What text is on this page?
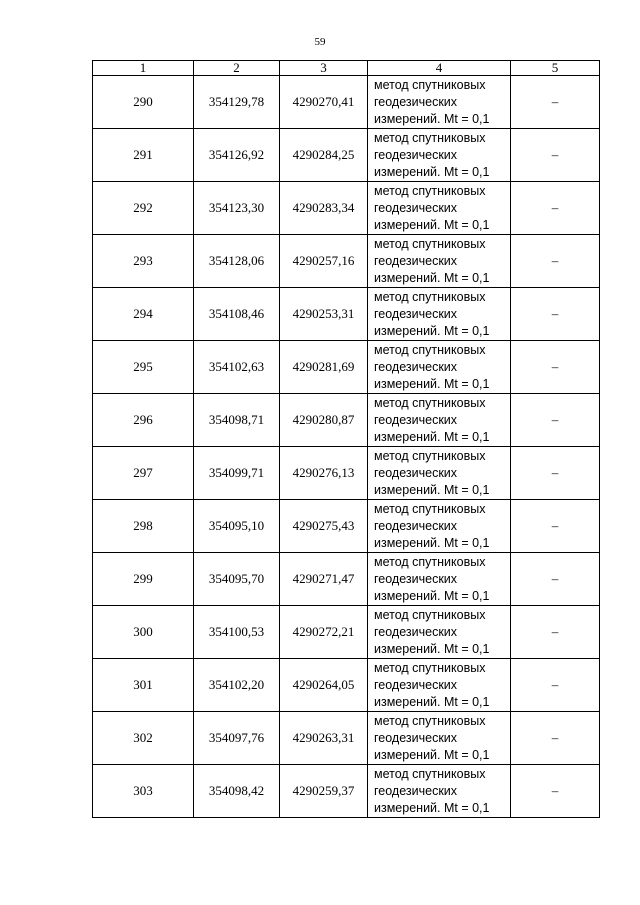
59
1	2	3	4	5
290	354129,78	4290270,41	метод спутниковых
геодезических
измерений. Mt = 0,1	–
291	354126,92	4290284,25	метод спутниковых
геодезических
измерений. Mt = 0,1	–
292	354123,30	4290283,34	метод спутниковых
геодезических
измерений. Mt = 0,1	–
293	354128,06	4290257,16	метод спутниковых
геодезических
измерений. Mt = 0,1	–
294	354108,46	4290253,31	метод спутниковых
геодезических
измерений. Mt = 0,1	–
295	354102,63	4290281,69	метод спутниковых
геодезических
измерений. Mt = 0,1	–
296	354098,71	4290280,87	метод спутниковых
геодезических
измерений. Mt = 0,1	–
297	354099,71	4290276,13	метод спутниковых
геодезических
измерений. Mt = 0,1	–
298	354095,10	4290275,43	метод спутниковых
геодезических
измерений. Mt = 0,1	–
299	354095,70	4290271,47	метод спутниковых
геодезических
измерений. Mt = 0,1	–
300	354100,53	4290272,21	метод спутниковых
геодезических
измерений. Mt = 0,1	–
301	354102,20	4290264,05	метод спутниковых
геодезических
измерений. Mt = 0,1	–
302	354097,76	4290263,31	метод спутниковых
геодезических
измерений. Mt = 0,1	–
303	354098,42	4290259,37	метод спутниковых
геодезических
измерений. Mt = 0,1	–
